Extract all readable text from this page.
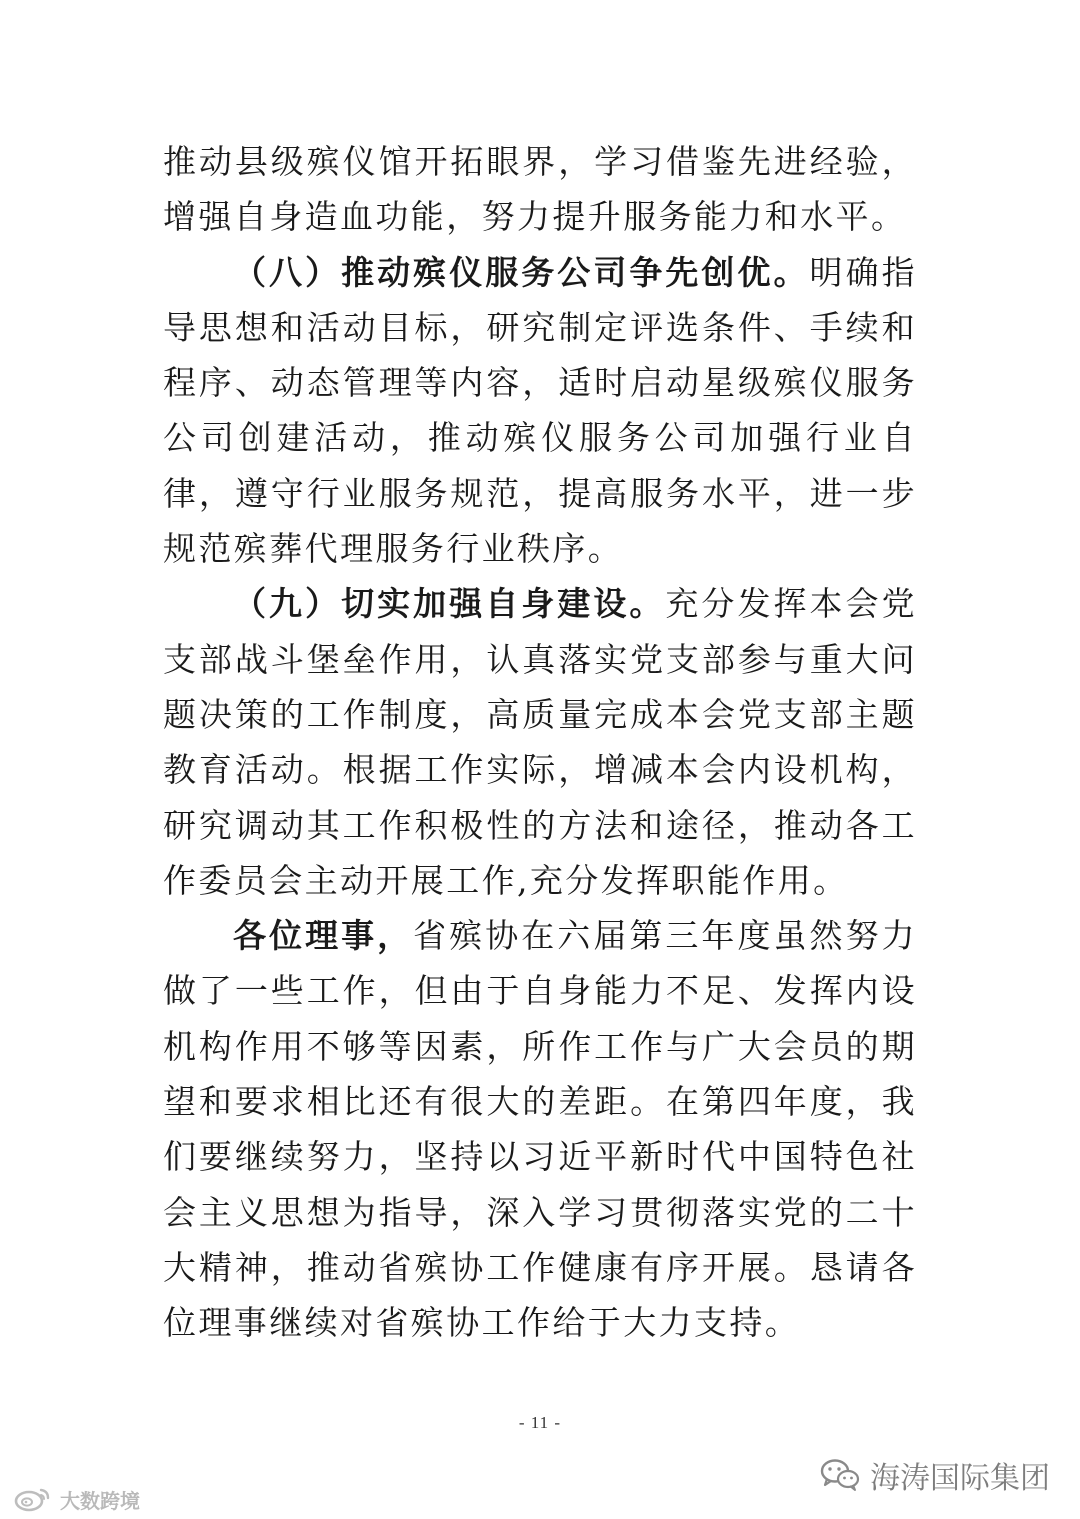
推动县级殡仪馆开拓眼界，学习借鉴先进经验，增强自身造血功能，努力提升服务能力和水平。

（八）推动殡仪服务公司争先创优。明确指导思想和活动目标，研究制定评选条件、手续和程序、动态管理等内容，适时启动星级殡仪服务公司创建活动，推动殡仪服务公司加强行业自律，遵守行业服务规范，提高服务水平，进一步规范殡葬代理服务行业秩序。

（九）切实加强自身建设。充分发挥本会党支部战斗堡垒作用，认真落实党支部参与重大问题决策的工作制度，高质量完成本会党支部主题教育活动。根据工作实际，增减本会内设机构，研究调动其工作积极性的方法和途径，推动各工作委员会主动开展工作,充分发挥职能作用。

各位理事，省殡协在六届第三年度虽然努力做了一些工作，但由于自身能力不足、发挥内设机构作用不够等因素，所作工作与广大会员的期望和要求相比还有很大的差距。在第四年度，我们要继续努力，坚持以习近平新时代中国特色社会主义思想为指导，深入学习贯彻落实党的二十大精神，推动省殡协工作健康有序开展。恳请各位理事继续对省殡协工作给于大力支持。

- 11 -
大数跨境
海涛国际集团
